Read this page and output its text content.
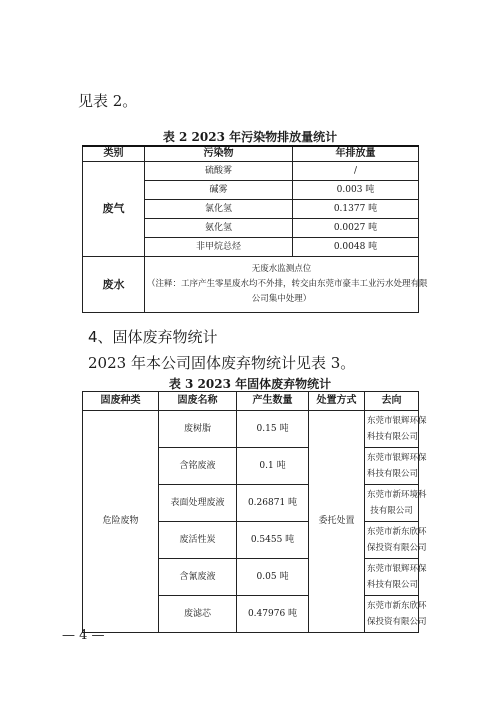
见表 2。
表 2 2023 年污染物排放量统计
类别	污染物	年排放量
废气	硫酸雾	/
	碱雾	0.003 吨
	氯化氢	0.1377 吨
	氨化氢	0.0027 吨
	非甲烷总烃	0.0048 吨
废水	无废水监测点位
（注释：工序产生零星废水均不外排，转交由东莞市豪丰工业污水处理有限
公司集中处理）	
4、固体废弃物统计
2023 年本公司固体废弃物统计见表 3。
表 3 2023 年固体废弃物统计
固废种类	固废名称	产生数量	处置方式	去向
危险废物	废树脂	0.15 吨	委托处置	东莞市银辉环保
科技有限公司

	含铭废液	0.1 吨		东莞市银辉环保
科技有限公司

	表面处理废液	0.26871 吨		东莞市新环境科
技有限公司

	废活性炭	0.5455 吨		东莞市新东欣环
保投资有限公司

	含氰废液	0.05 吨		东莞市银辉环保
科技有限公司

	废滤芯	0.47976 吨		东莞市新东欣环
保投资有限公司
— 4 —
